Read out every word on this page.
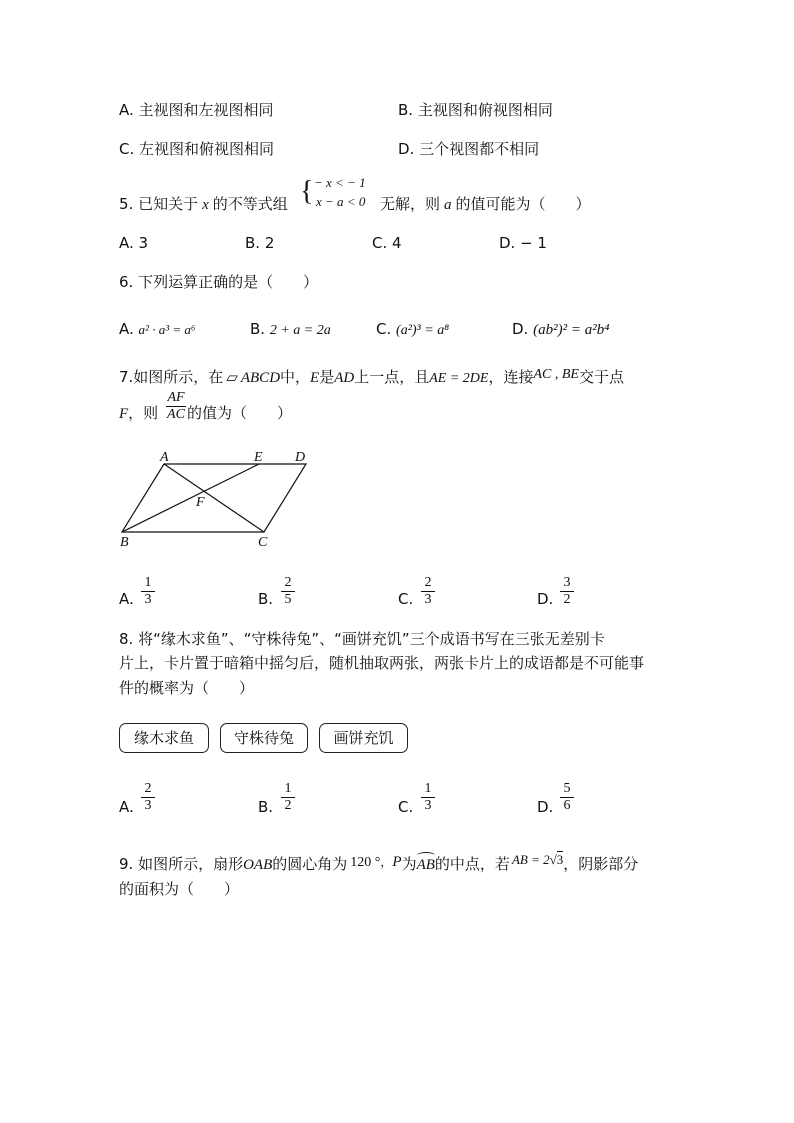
A. 主视图和左视图相同	B. 主视图和俯视图相同
C. 左视图和俯视图相同	D. 三个视图都不相同
5. 已知关于 x 的不等式组 { − x < − 1
x − a < 0 无解，则 a 的值可能为（　　）
A. 3	B. 2	C. 4	D. − 1
6. 下列运算正确的是（　　）
A. a² · a³ = a⁶	B. 2 + a = 2a	C. (a²)³ = a⁸	D. (ab²)² = a²b⁴
7.如图所示，在 ▱ ABCD中，E是AD上一点，且AE = 2DE，连接AC , BE交于点
F，则
AF
AC 的值为（　　）
A	E D
F
B	C
A.
1
3	B.
2
5	C.
2
3	D.
3
2
8. 将“缘木求鱼”、“守株待兔”、“画饼充饥”三个成语书写在三张无差别卡
片上，卡片置于暗箱中摇匀后，随机抽取两张，两张卡片上的成语都是不可能事
件的概率为（　　）
缘木求鱼	守株待兔	画饼充饥
A.
2
3	B.
1
2	C.
1
3	D.
5
6
9. 如图所示，扇形OAB的圆心角为 120 °，P为
AB的中点，若 AB = 2√3，阴影部分
的面积为（　　）
